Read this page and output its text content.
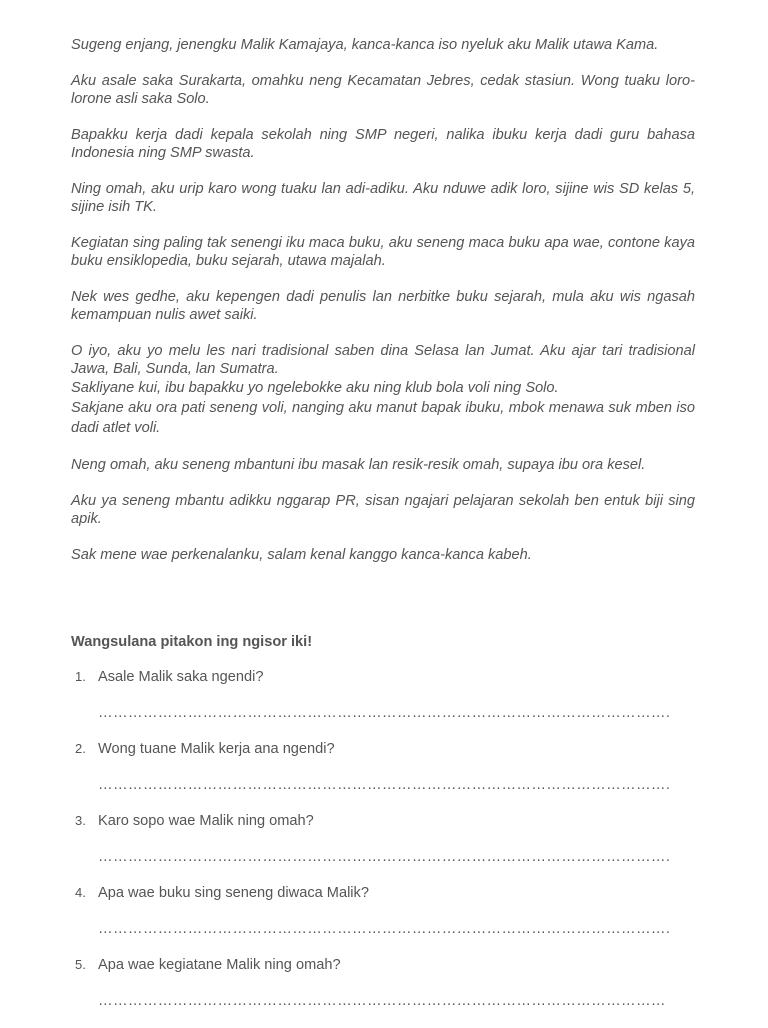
Sugeng enjang, jenengku Malik Kamajaya, kanca-kanca iso nyeluk aku Malik utawa Kama.

Aku asale saka Surakarta, omahku neng Kecamatan Jebres, cedak stasiun. Wong tuaku loro-lorone asli saka Solo.

Bapakku kerja dadi kepala sekolah ning SMP negeri, nalika ibuku kerja dadi guru bahasa Indonesia ning SMP swasta.

Ning omah, aku urip karo wong tuaku lan adi-adiku. Aku nduwe adik loro, sijine wis SD kelas 5, sijine isih TK.

Kegiatan sing paling tak senengi iku maca buku, aku seneng maca buku apa wae, contone kaya buku ensiklopedia, buku sejarah, utawa majalah.

Nek wes gedhe, aku kepengen dadi penulis lan nerbitke buku sejarah, mula aku wis ngasah kemampuan nulis awet saiki.

O iyo, aku yo melu les nari tradisional saben dina Selasa lan Jumat. Aku ajar tari tradisional Jawa, Bali, Sunda, lan Sumatra.

Sakliyane kui, ibu bapakku yo ngelebokke aku ning klub bola voli ning Solo.

Sakjane aku ora pati seneng voli, nanging aku manut bapak ibuku, mbok menawa suk mben iso dadi atlet voli.

Neng omah, aku seneng mbantuni ibu masak lan resik-resik omah, supaya ibu ora kesel.

Aku ya seneng mbantu adikku nggarap PR, sisan ngajari pelajaran sekolah ben entuk biji sing apik.

Sak mene wae perkenalanku, salam kenal kanggo kanca-kanca kabeh.

Wangsulana pitakon ing ngisor iki!
1. Asale Malik saka ngendi?
…………………………………………………………………………………………………….
2. Wong tuane Malik kerja ana ngendi?
…………………………………………………………………………………………………….
3. Karo sopo wae Malik ning omah?
…………………………………………………………………………………………………….
4. Apa wae buku sing seneng diwaca Malik?
…………………………………………………………………………………………………….
5. Apa wae kegiatane Malik ning omah?
……………………………………………………………………………………………………
